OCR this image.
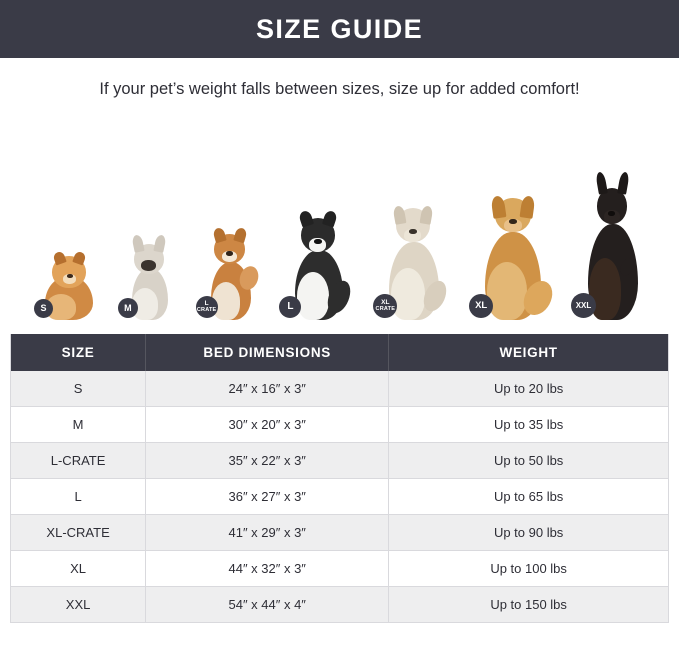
SIZE GUIDE
If your pet’s weight falls between sizes, size up for added comfort!
S	M	L
CRATE	L	XL
CRATE	XL	XXL
SIZE	BED DIMENSIONS	WEIGHT
S	24″ x 16″ x 3″	Up to 20 lbs
M	30″ x 20″ x 3″	Up to 35 lbs
L-CRATE	35″ x 22″ x 3″	Up to 50 lbs
L	36″ x 27″ x 3″	Up to 65 lbs
XL-CRATE	41″ x 29″ x 3″	Up to 90 lbs
XL	44″ x 32″ x 3″	Up to 100 lbs
XXL	54″ x 44″ x 4″	Up to 150 lbs
